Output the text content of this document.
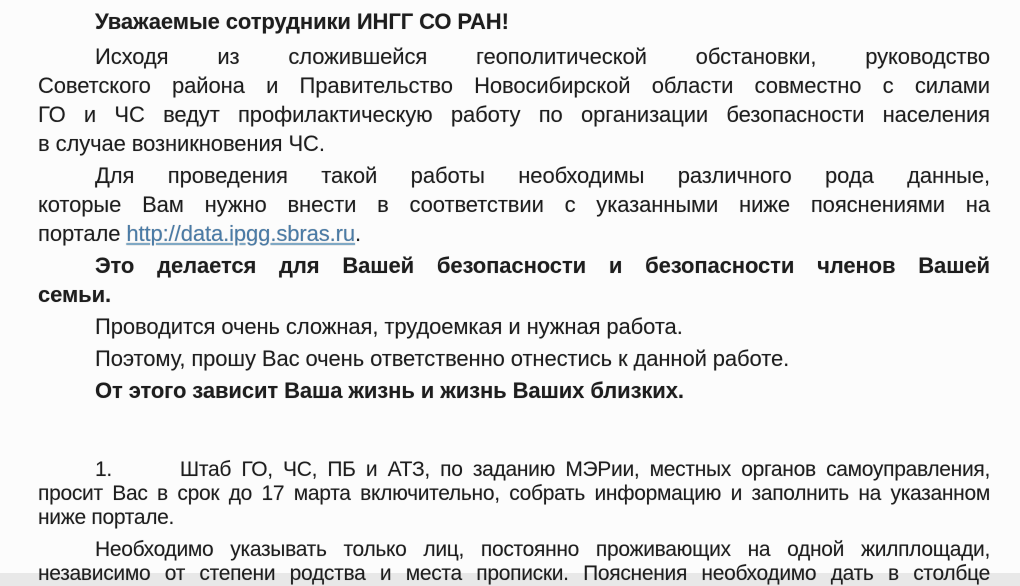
Уважаемые сотрудники ИНГГ СО РАН!
Исходя из сложившейся геополитической обстановки, руководство
Советского района и Правительство Новосибирской области совместно с силами
ГО и ЧС ведут профилактическую работу по организации безопасности населения
в случае возникновения ЧС.
Для проведения такой работы необходимы различного рода данные,
которые Вам нужно внести в соответствии с указанными ниже пояснениями на
портале http://data.ipgg.sbras.ru.
Это делается для Вашей безопасности и безопасности членов Вашей
семьи.
Проводится очень сложная, трудоемкая и нужная работа.
Поэтому, прошу Вас очень ответственно отнестись к данной работе.
От этого зависит Ваша жизнь и жизнь Ваших близких.
1.	Штаб ГО, ЧС, ПБ и АТЗ, по заданию МЭРии, местных органов самоуправления,
просит Вас в срок до 17 марта включительно, собрать информацию и заполнить на указанном
ниже портале.
Необходимо указывать только лиц, постоянно проживающих на одной жилплощади,
независимо от степени родства и места прописки. Пояснения необходимо дать в столбце
